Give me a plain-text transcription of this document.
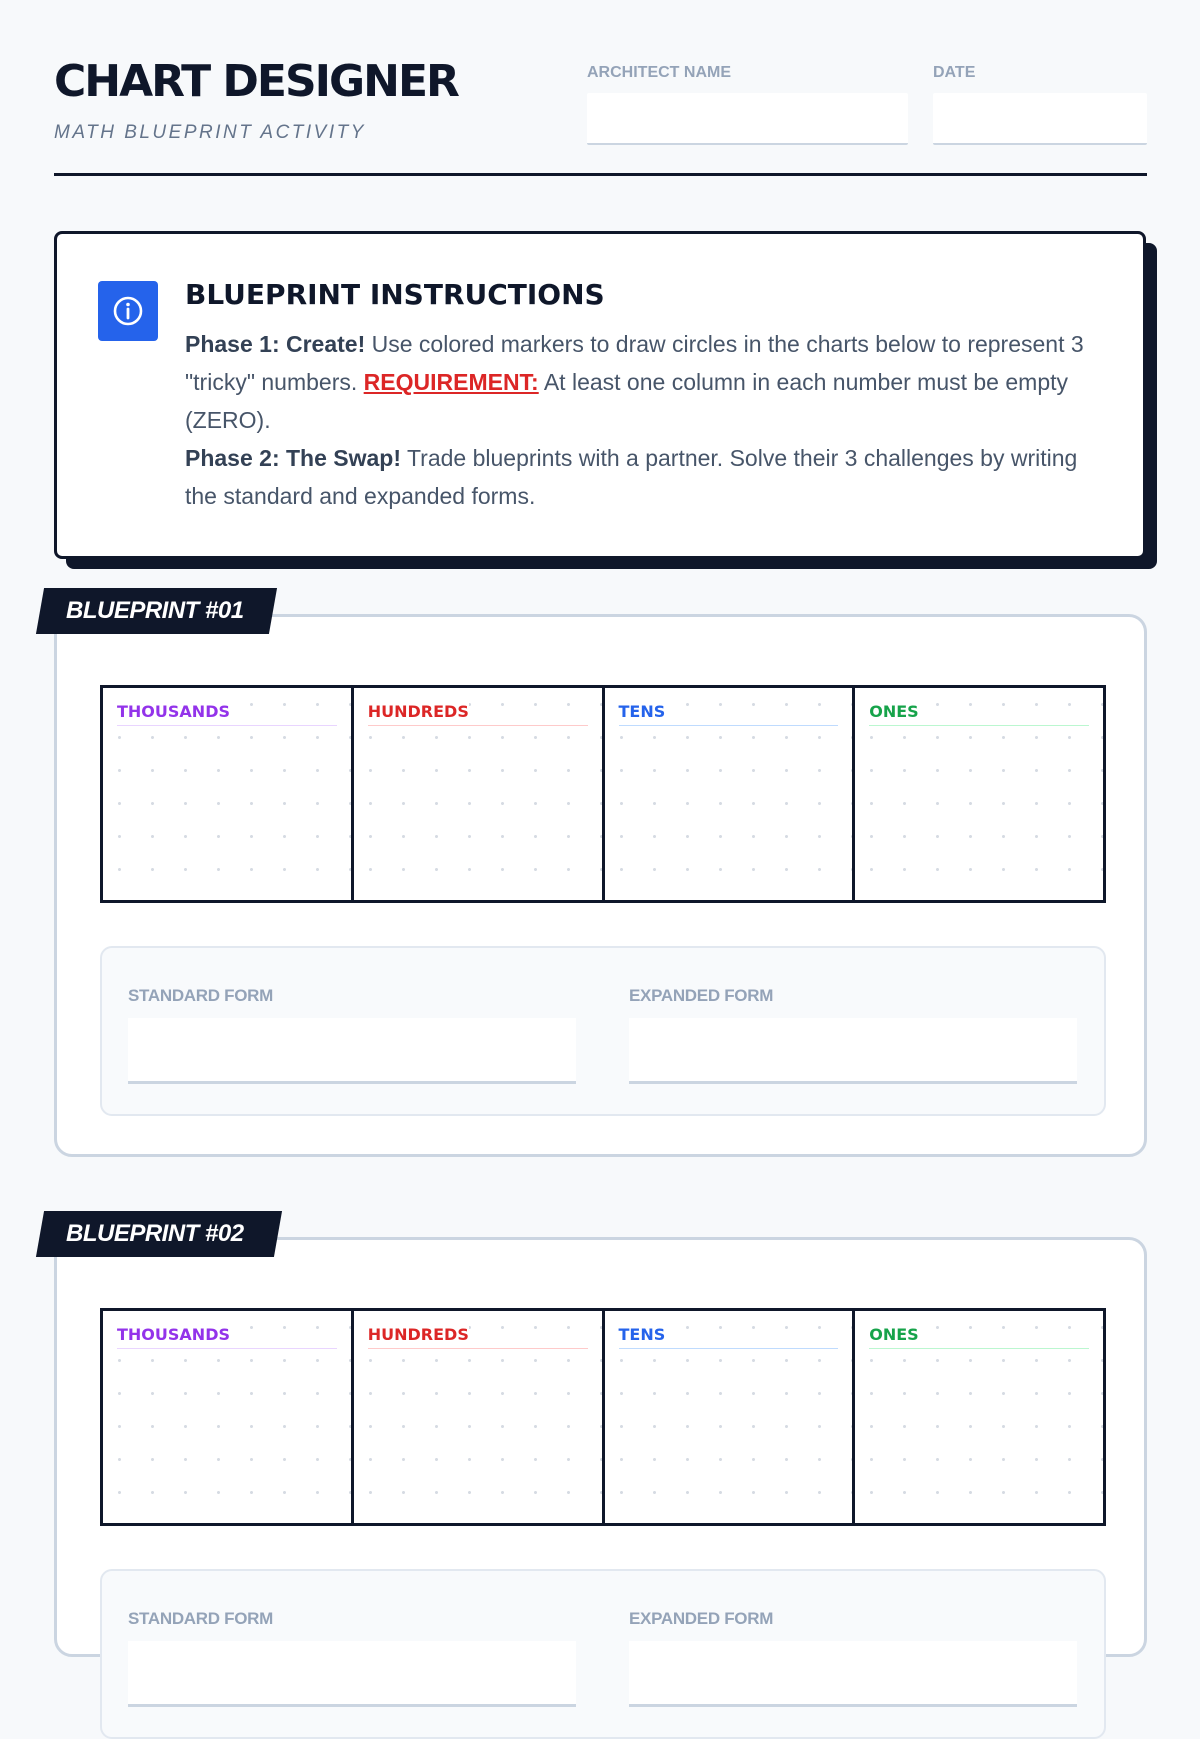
CHART DESIGNER
MATH BLUEPRINT ACTIVITY
ARCHITECT NAME	DATE
BLUEPRINT INSTRUCTIONS
Phase 1: Create! Use colored markers to draw circles in the charts below to represent 3 "tricky" numbers. REQUIREMENT: At least one column in each number must be empty (ZERO).
Phase 2: The Swap! Trade blueprints with a partner. Solve their 3 challenges by writing the standard and expanded forms.
THOUSANDS	HUNDREDS	TENS	ONES
STANDARD FORM	EXPANDED FORM
BLUEPRINT #01
THOUSANDS	HUNDREDS	TENS	ONES
STANDARD FORM	EXPANDED FORM
BLUEPRINT #02
